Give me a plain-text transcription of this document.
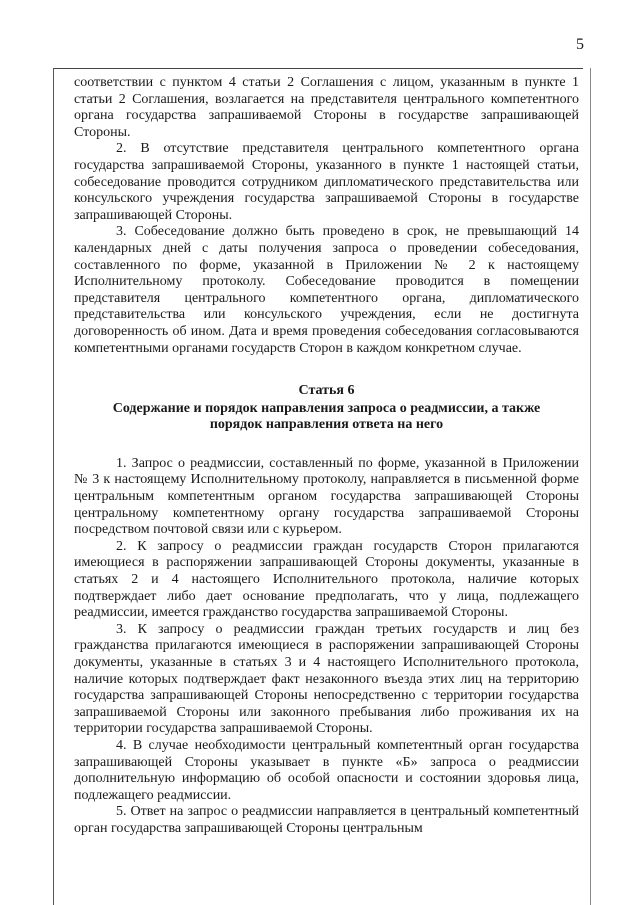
5

соответствии с пунктом 4 статьи 2 Соглашения с лицом, указанным в пункте 1 статьи 2 Соглашения, возлагается на представителя центрального компетентного органа государства запрашиваемой Стороны в государстве запрашивающей Стороны.

2. В отсутствие представителя центрального компетентного органа государства запрашиваемой Стороны, указанного в пункте 1 настоящей статьи, собеседование проводится сотрудником дипломатического представительства или консульского учреждения государства запрашиваемой Стороны в государстве запрашивающей Стороны.

3. Собеседование должно быть проведено в срок, не превышающий 14 календарных дней с даты получения запроса о проведении собеседования, составленного по форме, указанной в Приложении № 2 к настоящему Исполнительному протоколу. Собеседование проводится в помещении представителя центрального компетентного органа, дипломатического представительства или консульского учреждения, если не достигнута договоренность об ином. Дата и время проведения собеседования согласовываются компетентными органами государств Сторон в каждом конкретном случае.

Статья 6
Содержание и порядок направления запроса о реадмиссии, а также порядок направления ответа на него

1. Запрос о реадмиссии, составленный по форме, указанной в Приложении № 3 к настоящему Исполнительному протоколу, направляется в письменной форме центральным компетентным органом государства запрашивающей Стороны центральному компетентному органу государства запрашиваемой Стороны посредством почтовой связи или с курьером.

2. К запросу о реадмиссии граждан государств Сторон прилагаются имеющиеся в распоряжении запрашивающей Стороны документы, указанные в статьях 2 и 4 настоящего Исполнительного протокола, наличие которых подтверждает либо дает основание предполагать, что у лица, подлежащего реадмиссии, имеется гражданство государства запрашиваемой Стороны.

3. К запросу о реадмиссии граждан третьих государств и лиц без гражданства прилагаются имеющиеся в распоряжении запрашивающей Стороны документы, указанные в статьях 3 и 4 настоящего Исполнительного протокола, наличие которых подтверждает факт незаконного въезда этих лиц на территорию государства запрашивающей Стороны непосредственно с территории государства запрашиваемой Стороны или законного пребывания либо проживания их на территории государства запрашиваемой Стороны.

4. В случае необходимости центральный компетентный орган государства запрашивающей Стороны указывает в пункте «Б» запроса о реадмиссии дополнительную информацию об особой опасности и состоянии здоровья лица, подлежащего реадмиссии.

5. Ответ на запрос о реадмиссии направляется в центральный компетентный орган государства запрашивающей Стороны центральным
